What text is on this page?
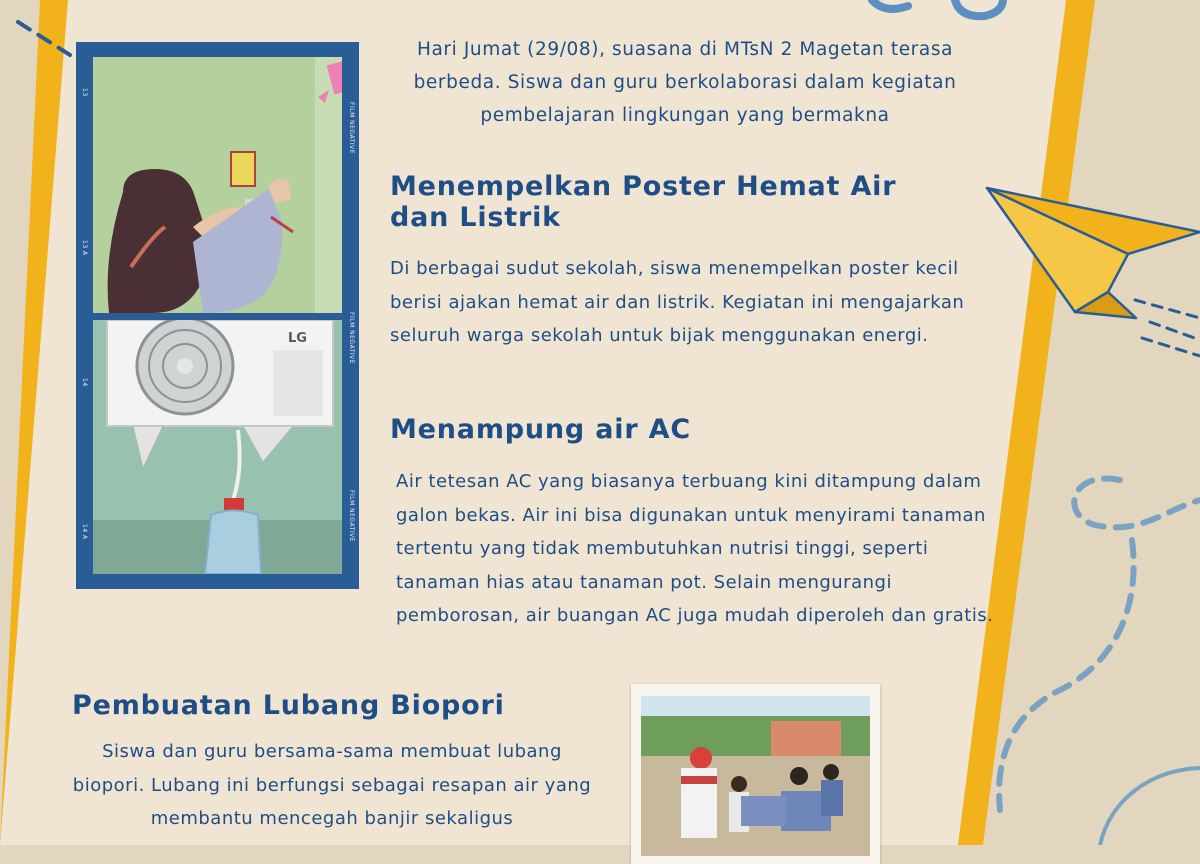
LG
FILM NEGATIVE
FILM NEGATIVE
FILM NEGATIVE
13
13 A
14
14 A
Hari Jumat (29/08), suasana di MTsN 2 Magetan terasa berbeda. Siswa dan guru berkolaborasi dalam kegiatan pembelajaran lingkungan yang bermakna
Menempelkan Poster Hemat Air dan Listrik
Di berbagai sudut sekolah, siswa menempelkan poster kecil berisi ajakan hemat air dan listrik. Kegiatan ini mengajarkan seluruh warga sekolah untuk bijak menggunakan energi.
Menampung air AC
Air tetesan AC yang biasanya terbuang kini ditampung dalam galon bekas. Air ini bisa digunakan untuk menyirami tanaman tertentu yang tidak membutuhkan nutrisi tinggi, seperti tanaman hias atau tanaman pot. Selain mengurangi pemborosan, air buangan AC juga mudah diperoleh dan gratis.
Pembuatan Lubang Biopori
Siswa dan guru bersama-sama membuat lubang biopori. Lubang ini berfungsi sebagai resapan air yang membantu mencegah banjir sekaligus
